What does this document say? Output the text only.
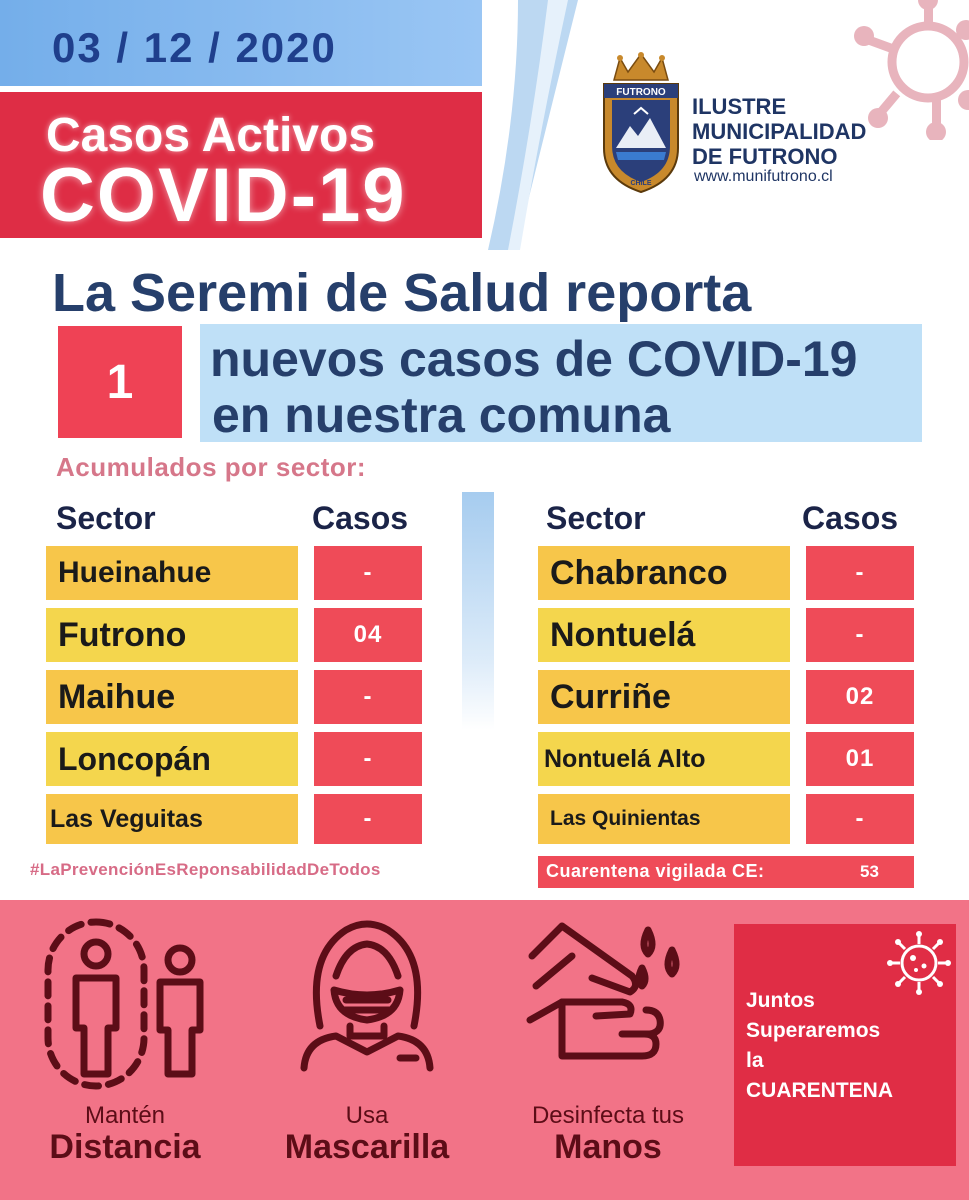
03 / 12 / 2020
Casos Activos
COVID-19
FUTRONO
CHILE
ILUSTRE
MUNICIPALIDAD
DE FUTRONO
www.munifutrono.cl
La Seremi de Salud reporta
1	nuevos casos de COVID-19
en nuestra comuna
Acumulados por sector:
Sector	Casos
Hueinahue	-
Futrono	04
Maihue	-
Loncopán	-
Las Veguitas	-
Sector	Casos
Chabranco	-
Nontuelá	-
Curriñe	02
Nontuelá Alto	01
Las Quinientas	-
#LaPrevenciónEsReponsabilidadDeTodos	Cuarentena vigilada CE:	53
Mantén
Distancia
Usa
Mascarilla
Desinfecta tus
Manos
Juntos
Superaremos
la
CUARENTENA
